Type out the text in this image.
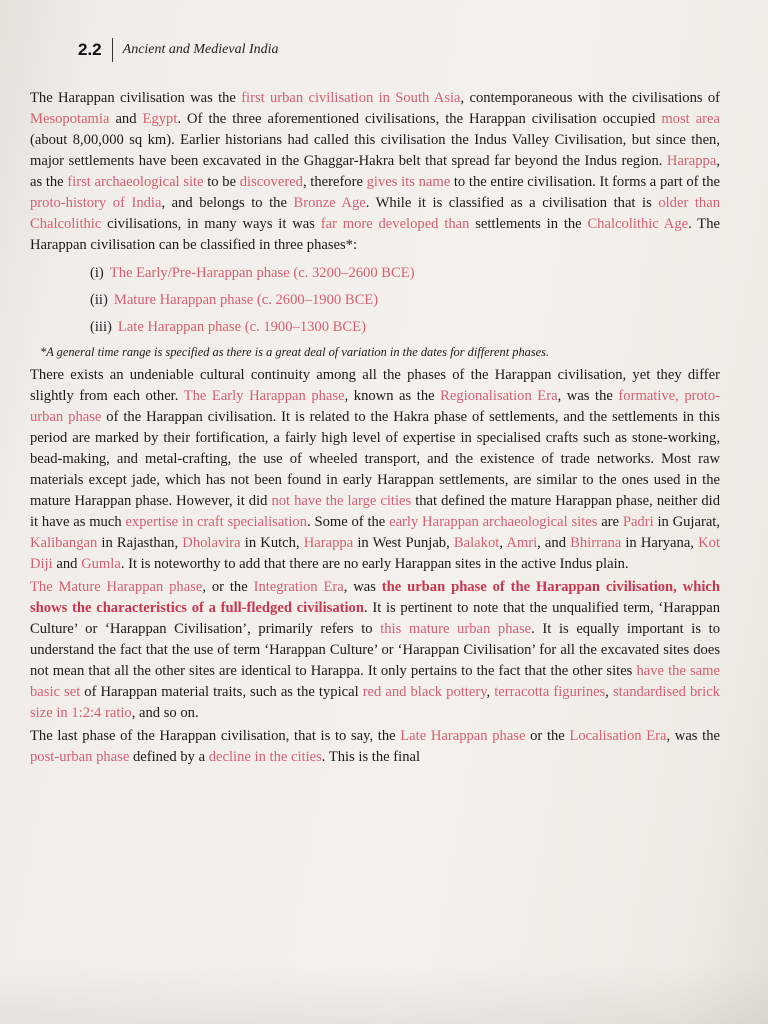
2.2 Ancient and Medieval India

The Harappan civilisation was the first urban civilisation in South Asia, contemporaneous with the civilisations of Mesopotamia and Egypt. Of the three aforementioned civilisations, the Harappan civilisation occupied most area (about 8,00,000 sq km). Earlier historians had called this civilisation the Indus Valley Civilisation, but since then, major settlements have been excavated in the Ghaggar-Hakra belt that spread far beyond the Indus region. Harappa, as the first archaeological site to be discovered, therefore gives its name to the entire civilisation. It forms a part of the proto-history of India, and belongs to the Bronze Age. While it is classified as a civilisation that is older than Chalcolithic civilisations, in many ways it was far more developed than settlements in the Chalcolithic Age. The Harappan civilisation can be classified in three phases*:

(i) The Early/Pre-Harappan phase (c. 3200–2600 BCE)
(ii) Mature Harappan phase (c. 2600–1900 BCE)
(iii) Late Harappan phase (c. 1900–1300 BCE)

*A general time range is specified as there is a great deal of variation in the dates for different phases.

There exists an undeniable cultural continuity among all the phases of the Harappan civilisation, yet they differ slightly from each other. The Early Harappan phase, known as the Regionalisation Era, was the formative, proto-urban phase of the Harappan civilisation. It is related to the Hakra phase of settlements, and the settlements in this period are marked by their fortification, a fairly high level of expertise in specialised crafts such as stone-working, bead-making, and metal-crafting, the use of wheeled transport, and the existence of trade networks. Most raw materials except jade, which has not been found in early Harappan settlements, are similar to the ones used in the mature Harappan phase. However, it did not have the large cities that defined the mature Harappan phase, neither did it have as much expertise in craft specialisation. Some of the early Harappan archaeological sites are Padri in Gujarat, Kalibangan in Rajasthan, Dholavira in Kutch, Harappa in West Punjab, Balakot, Amri, and Bhirrana in Haryana, Kot Diji and Gumla. It is noteworthy to add that there are no early Harappan sites in the active Indus plain.

The Mature Harappan phase, or the Integration Era, was the urban phase of the Harappan civilisation, which shows the characteristics of a full-fledged civilisation. It is pertinent to note that the unqualified term, ‘Harappan Culture’ or ‘Harappan Civilisation’, primarily refers to this mature urban phase. It is equally important is to understand the fact that the use of term ‘Harappan Culture’ or ‘Harappan Civilisation’ for all the excavated sites does not mean that all the other sites are identical to Harappa. It only pertains to the fact that the other sites have the same basic set of Harappan material traits, such as the typical red and black pottery, terracotta figurines, standardised brick size in 1:2:4 ratio, and so on.

The last phase of the Harappan civilisation, that is to say, the Late Harappan phase or the Localisation Era, was the post-urban phase defined by a decline in the cities. This is the final
